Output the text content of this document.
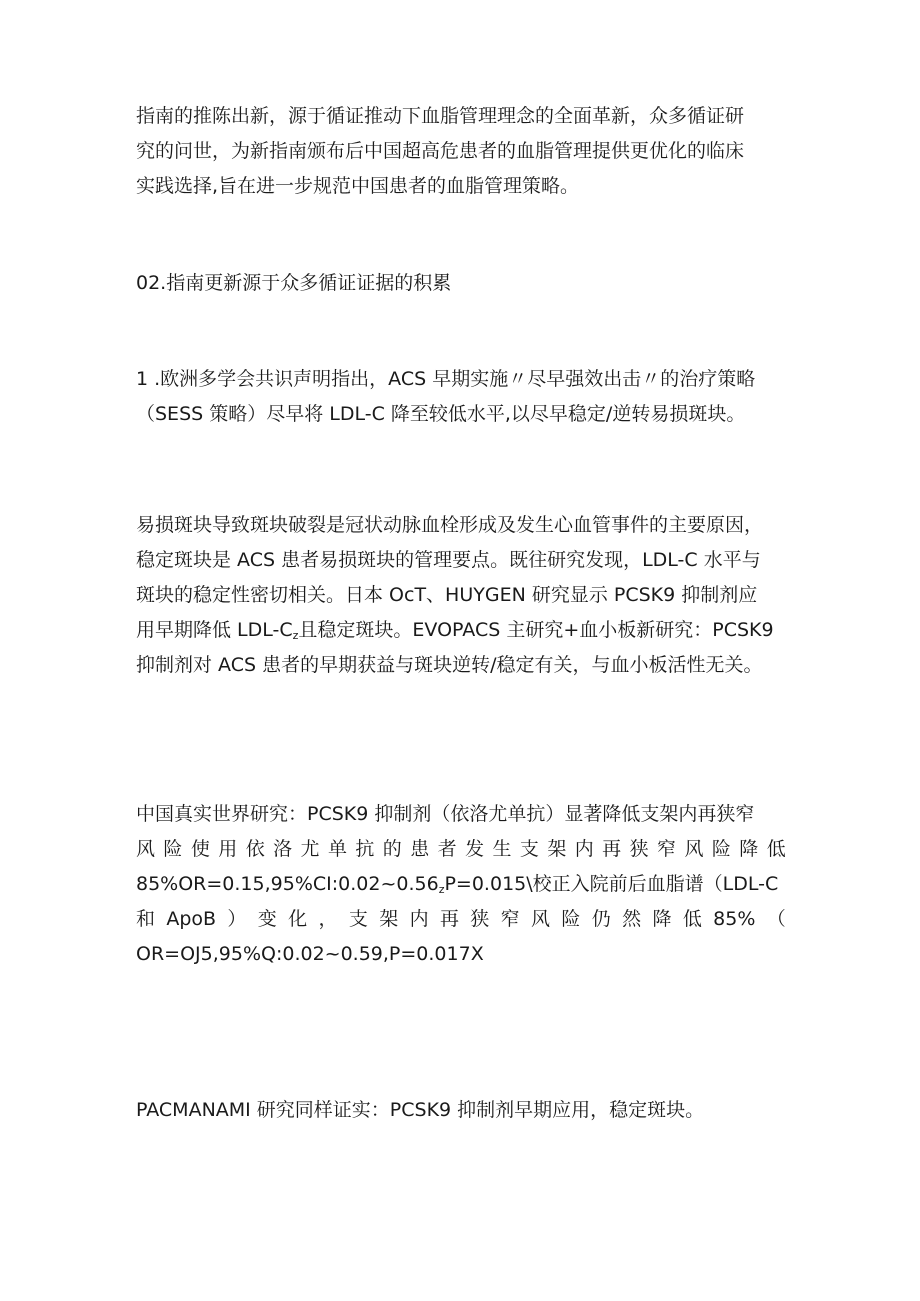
指南的推陈出新，源于循证推动下血脂管理理念的全面革新，众多循证研
究的问世，为新指南颁布后中国超高危患者的血脂管理提供更优化的临床
实践选择,旨在进一步规范中国患者的血脂管理策略。

02.指南更新源于众多循证证据的积累

1 .欧洲多学会共识声明指出，ACS 早期实施〃尽早强效出击〃的治疗策略
（SESS 策略）尽早将 LDL-C 降至较低水平,以尽早稳定/逆转易损斑块。

易损斑块导致斑块破裂是冠状动脉血栓形成及发生心血管事件的主要原因，
稳定斑块是 ACS 患者易损斑块的管理要点。既往研究发现，LDL-C 水平与
斑块的稳定性密切相关。日本 OcT、HUYGEN 研究显示 PCSK9 抑制剂应
用早期降低 LDL-$C_z$且稳定斑块。EVOPACS 主研究+血小板新研究：PCSK9
抑制剂对 ACS 患者的早期获益与斑块逆转/稳定有关，与血小板活性无关。

中国真实世界研究：PCSK9 抑制剂（依洛尤单抗）显著降低支架内再狭窄
风 险 使 用 依 洛 尤 单 抗 的 患 者 发 生 支 架 内 再 狭 窄 风 险 降 低
$85\%OR=0.15,95\%CI:0.02\sim 0.56_zP=0.015\backslash$校正入院前后血脂谱（LDL-C
和 ApoB ） 变 化 ， 支 架 内 再 狭 窄 风 险 仍 然 降 低 85% （
OR=OJ5,95%Q:0.02~0.59,P=0.017X

PACMANAMI 研究同样证实：PCSK9 抑制剂早期应用，稳定斑块。
